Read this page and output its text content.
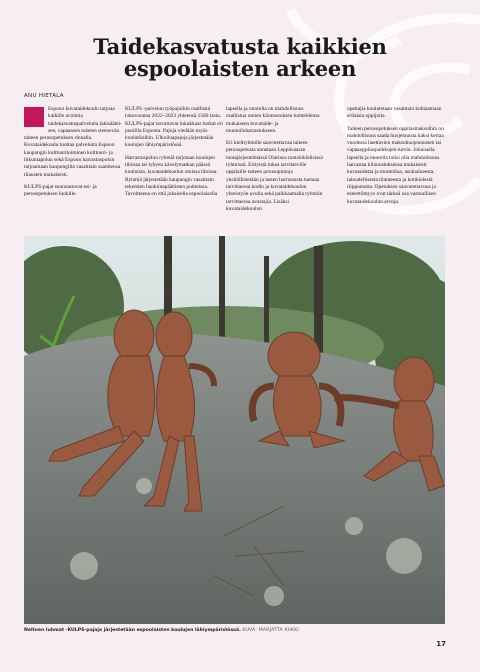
Taidekasvatusta kaikkien espoolaisten arkeen
ANU HIETALA

Espoon kuvataidekoulu tarjoaa kaikille avoimia taidekasvatuspalveluita lakisääteisen, vapaaseen toiseen steenevän taiteen perusopetuksen rinnalla. Kuvataidekoulu tuottaa palveluita Espoon kaupungin kulttuuritoiminen kulttuuri- ja liikuntapolun sekä Espoon harrastuspolun tarjoamaan kaupungilta vasaittain saamiensa tilausten mukaisesti.

KULPS-pajat suuntautuvat esi- ja perusopetuksen luokille.

KULPS -palvelun työpajoihin osallistui lukuvuonna 2022–2023 yhteensä 1580 lasta. KULPS-pajat tavoittavat lukukkaat luokat eri puolilla Espoota. Pajoja viedään myös koulutiloihin. Ulkoiluapajoja järjestetään koulujen lähiympäristössä.

Harrastuspolun ryhmiä tarjotaan koulujen tiloissa tai lyhyen kävelymatkan päässä kouluista, kuvataidekoulun omissa tiloissa. Ryhmiä järjestetään kaupungin vasaittain tekemien hankintapäätösten puitteissa. Tavoitteena on että jokaisella espoolaisella

lapsella ja nuorella on mahdollisuus osallistua omien kiinnostuksen kohteidensa mukaiseen kuvataide- ja muotoiluharrastukseen.

Eri kielityhmille saavutettavaa taiteen perusopetusta annetaan Leppävaaran tuotajärjestelmässä Olarinsa ruotsinkielisissä ryhmissä. Erityistä tukea tarvitseville oppilaille taiteen perusopintoja yksilöllistetään ja lasten harrastusta tuetaan tarvittaessa kodin ja kuvataidekoulun yhteistyön avulla sekä palkkaamalla ryhmiin tarvittaessa avustajia. Lisäksi kuvataidekoulun

opettajia koulutetaan vasaittain kohtaamaan erilaisia oppijoita.

Taiteen perusopetuksen oppilasmaksuihin on mahdollisuus saada huojennusta kaksi kertaa vuodessa haettavien maksuhuojennusten tai vapaaoppilaspaikkojen turvin. Jokaisella lapsella ja nuorella tulisi olla mahdollisuus harrastaa kiinnostuksensa mukaisesti kuvataidetta ja muotoilua, asuinalueesta, taloudellisesta tilanteesta ja kotikielestä riippumatta. Opetuksen saavutettavuus ja esteettömyys ovat tärkeä osa vastuullisen kuvataidekoulun arvoja.

Neltoen luhmat -KULPS-pajaja järjestetään espoolaisten koulujen lähiympäristössä. KUVA: MARJATTA KIIKKI
17
